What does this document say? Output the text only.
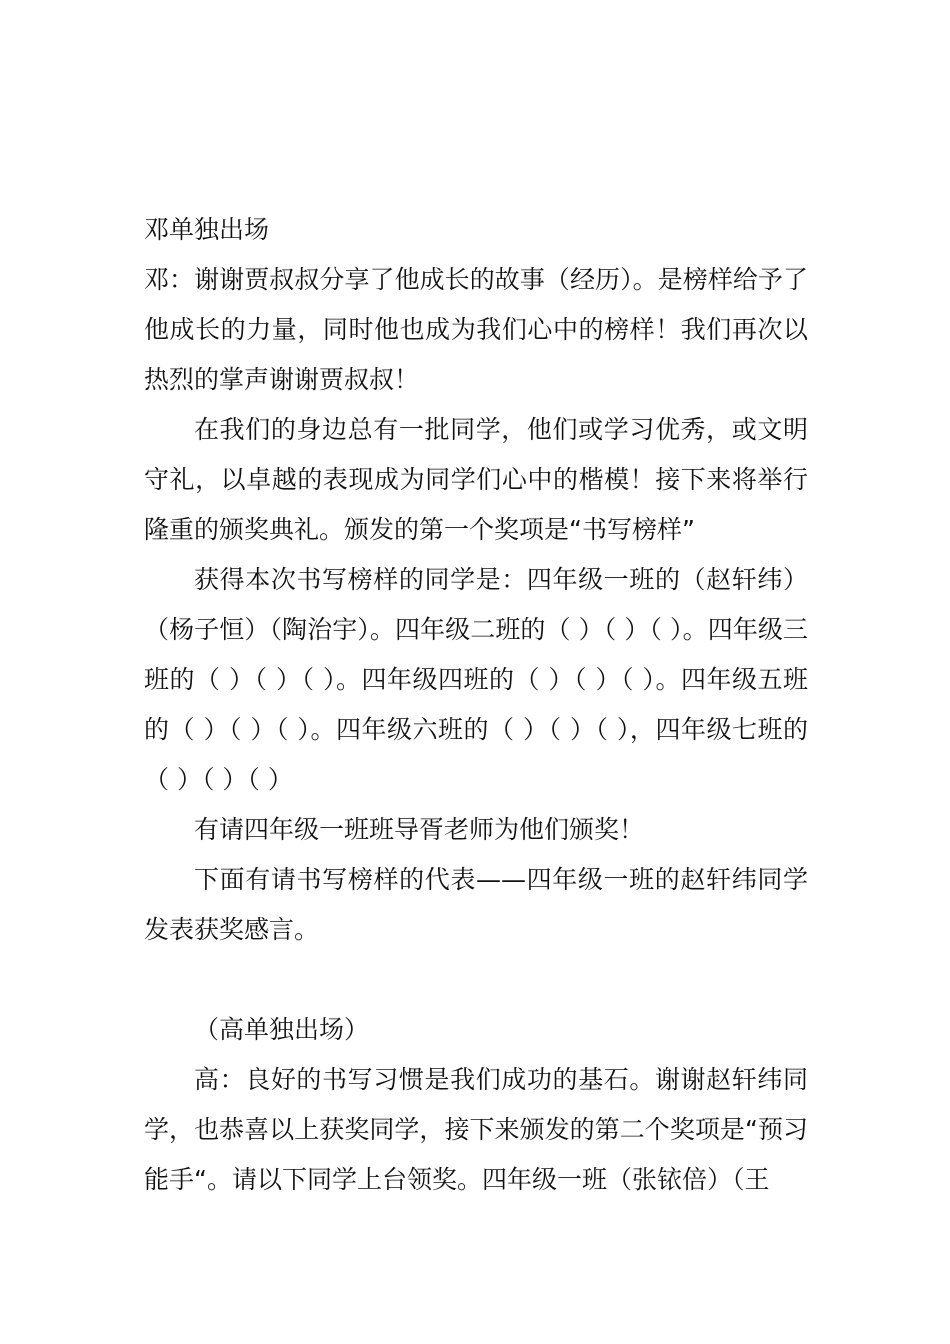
邓单独出场

邓：谢谢贾叔叔分享了他成长的故事（经历）。是榜样给予了他成长的力量，同时他也成为我们心中的榜样！我们再次以热烈的掌声谢谢贾叔叔！

在我们的身边总有一批同学，他们或学习优秀，或文明守礼，以卓越的表现成为同学们心中的楷模！接下来将举行隆重的颁奖典礼。颁发的第一个奖项是“书写榜样”

获得本次书写榜样的同学是：四年级一班的（赵轩纬）（杨子恒）（陶治宇）。四年级二班的（ ）（ ）（ ）。四年级三班的（ ）（ ）（ ）。四年级四班的（ ）（ ）（ ）。四年级五班的（ ）（ ）（ ）。四年级六班的（ ）（ ）（ ），四年级七班的（ ）（ ）（ ）

有请四年级一班班导胥老师为他们颁奖！

下面有请书写榜样的代表——四年级一班的赵轩纬同学发表获奖感言。

（高单独出场）

高：良好的书写习惯是我们成功的基石。谢谢赵轩纬同学，也恭喜以上获奖同学，接下来颁发的第二个奖项是“预习能手“。请以下同学上台领奖。四年级一班（张铱倍）（王
